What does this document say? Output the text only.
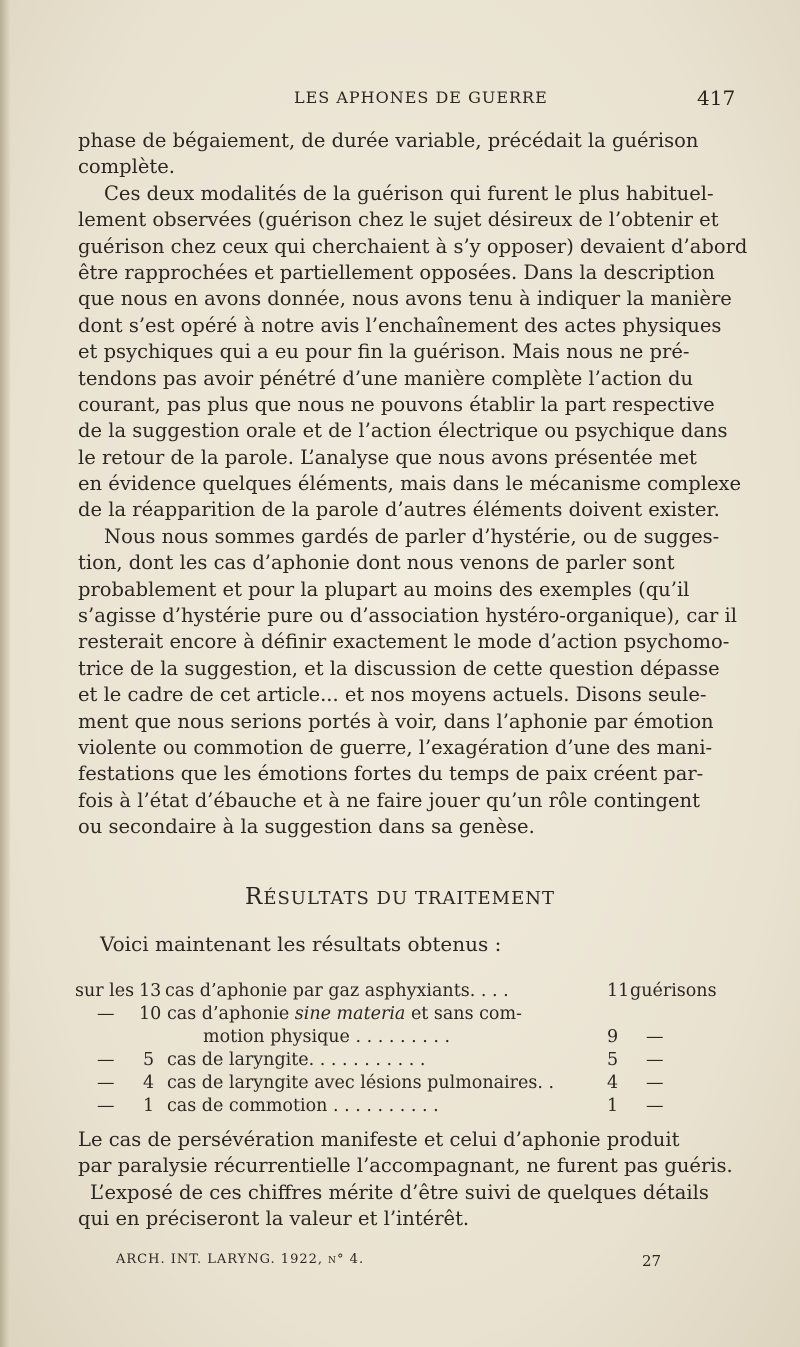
LES APHONES DE GUERRE	417
phase de bégaiement, de durée variable, précédait la guérison
complète.
Ces deux modalités de la guérison qui furent le plus habituel-
lement observées (guérison chez le sujet désireux de l’obtenir et
guérison chez ceux qui cherchaient à s’y opposer) devaient d’abord
être rapprochées et partiellement opposées. Dans la description
que nous en avons donnée, nous avons tenu à indiquer la manière
dont s’est opéré à notre avis l’enchaînement des actes physiques
et psychiques qui a eu pour fin la guérison. Mais nous ne pré-
tendons pas avoir pénétré d’une manière complète l’action du
courant, pas plus que nous ne pouvons établir la part respective
de la suggestion orale et de l’action électrique ou psychique dans
le retour de la parole. L’analyse que nous avons présentée met
en évidence quelques éléments, mais dans le mécanisme complexe
de la réapparition de la parole d’autres éléments doivent exister.
Nous nous sommes gardés de parler d’hystérie, ou de sugges-
tion, dont les cas d’aphonie dont nous venons de parler sont
probablement et pour la plupart au moins des exemples (qu’il
s’agisse d’hystérie pure ou d’association hystéro-organique), car il
resterait encore à définir exactement le mode d’action psychomo-
trice de la suggestion, et la discussion de cette question dépasse
et le cadre de cet article... et nos moyens actuels. Disons seule-
ment que nous serions portés à voir, dans l’aphonie par émotion
violente ou commotion de guerre, l’exagération d’une des mani-
festations que les émotions fortes du temps de paix créent par-
fois à l’état d’ébauche et à ne faire jouer qu’un rôle contingent
ou secondaire à la suggestion dans sa genèse.
RÉSULTATS DU TRAITEMENT
Voici maintenant les résultats obtenus :
sur les 13 cas d’aphonie par gaz asphyxiants. . . .	11 guérisons
— 10 cas d’aphonie sine materia et sans com-
motion physique . . . . . . . . .	9 —
— 5 cas de laryngite. . . . . . . . . . .	5 —
— 4 cas de laryngite avec lésions pulmonaires. .	4 —
— 1 cas de commotion . . . . . . . . . .	1 —
Le cas de persévération manifeste et celui d’aphonie produit
par paralysie récurrentielle l’accompagnant, ne furent pas guéris.
L’exposé de ces chiffres mérite d’être suivi de quelques détails
qui en préciseront la valeur et l’intérêt.
ARCH. INT. LARYNG. 1922, n° 4.	27
